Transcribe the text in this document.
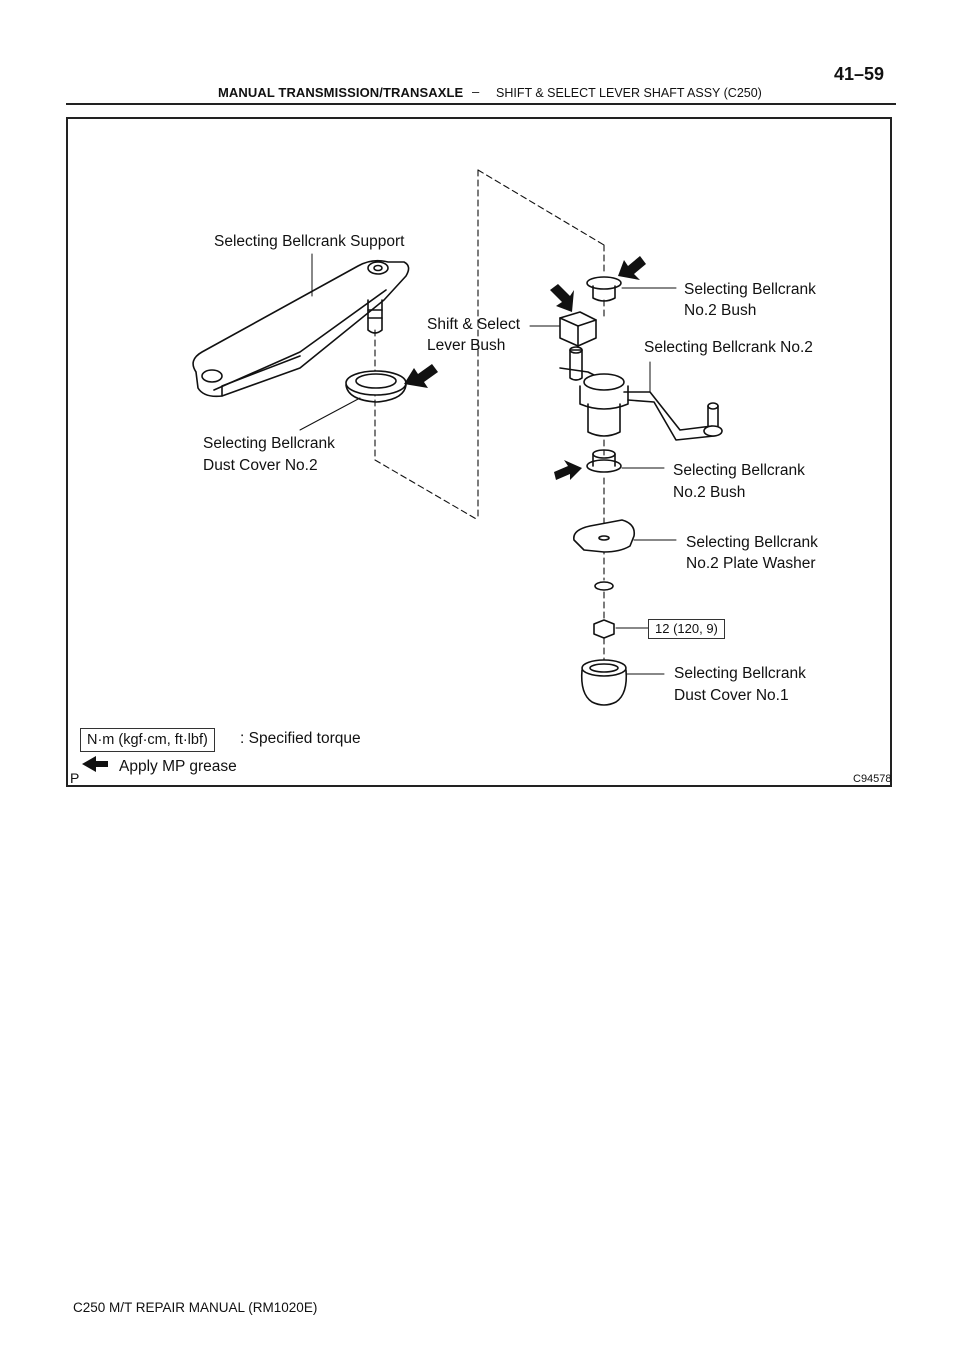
MANUAL TRANSMISSION/TRANSAXLE – SHIFT & SELECT LEVER SHAFT ASSY (C250)
41–59
Selecting Bellcrank Support
Selecting Bellcrank
Dust Cover No.2
Shift & Select
Lever Bush
Selecting Bellcrank
No.2 Bush
Selecting Bellcrank No.2
Selecting Bellcrank
No.2 Bush
Selecting Bellcrank
No.2 Plate Washer
12 (120, 9)
Selecting Bellcrank
Dust Cover No.1
N·m (kgf·cm, ft·lbf)	: Specified torque
Apply MP grease
P	C94578
C250 M/T REPAIR MANUAL (RM1020E)
